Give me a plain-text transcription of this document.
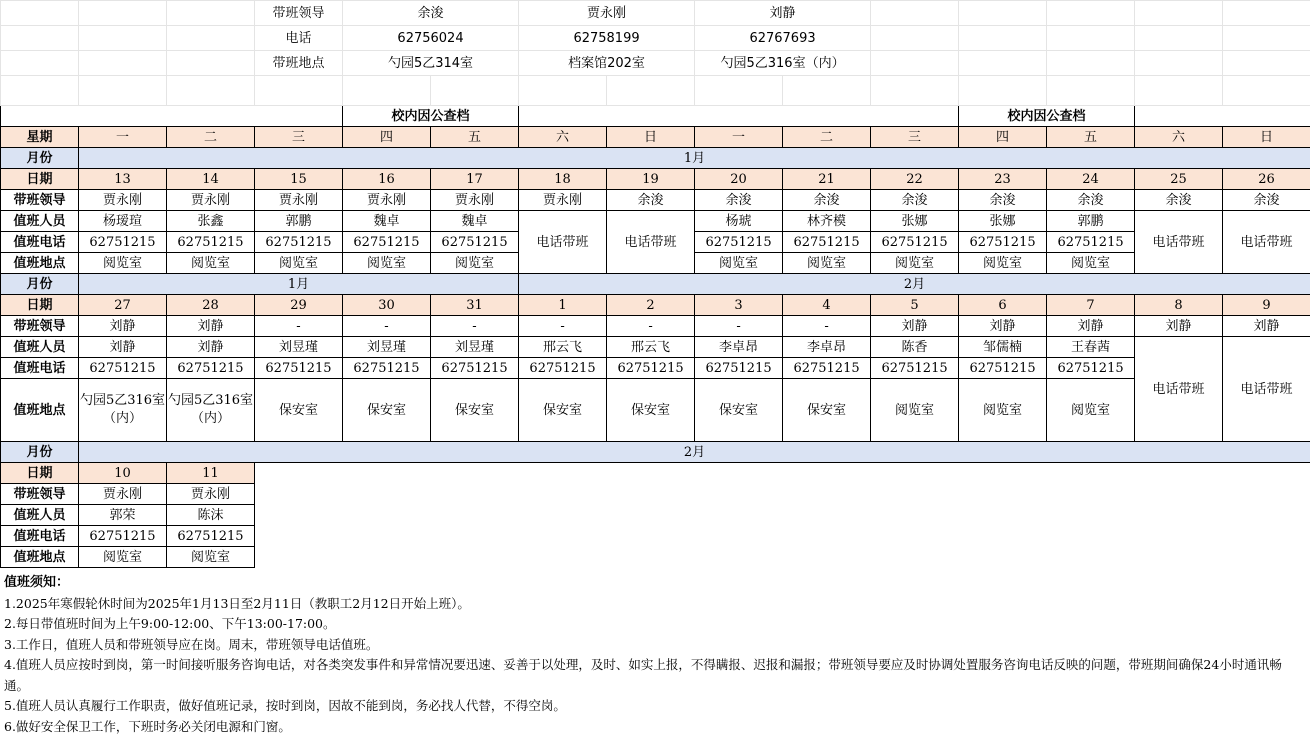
			带班领导	余浚		贾永刚		刘静						
			电话	62756024		62758199		62767693						
			带班地点	勺园5乙314室		档案馆202室		勺园5乙316室（内）						

				校内因公查档							校内因公查档			
星期	一	二	三	四	五	六	日	一	二	三	四	五	六	日
月份	1月													
日期	13	14	15	16	17	18	19	20	21	22	23	24	25	26
带班领导	贾永刚	贾永刚	贾永刚	贾永刚	贾永刚	贾永刚	余浚	余浚	余浚	余浚	余浚	余浚	余浚	余浚
值班人员	杨瑷瑄	张鑫	郭鹏	魏卓	魏卓	电话带班	电话带班	杨琥	林齐模	张娜	张娜	郭鹏	电话带班	电话带班
值班电话	62751215	62751215	62751215	62751215	62751215			62751215	62751215	62751215	62751215	62751215		
值班地点	阅览室	阅览室	阅览室	阅览室	阅览室			阅览室	阅览室	阅览室	阅览室	阅览室		
月份	1月					2月								
日期	27	28	29	30	31	1	2	3	4	5	6	7	8	9
带班领导	刘静	刘静	-	-	-	-	-	-	-	刘静	刘静	刘静	刘静	刘静
值班人员	刘静	刘静	刘昱瑾	刘昱瑾	刘昱瑾	邢云飞	邢云飞	李卓昂	李卓昂	陈香	邹儒楠	王春茜	电话带班	电话带班
值班电话	62751215	62751215	62751215	62751215	62751215	62751215	62751215	62751215	62751215	62751215	62751215	62751215		
值班地点	勺园5乙316室（内）	勺园5乙316室（内）	保安室	保安室	保安室	保安室	保安室	保安室	保安室	阅览室	阅览室	阅览室		
月份	2月													
日期	10	11												
带班领导	贾永刚	贾永刚												
值班人员	郭荣	陈沫												
值班电话	62751215	62751215												
值班地点	阅览室	阅览室												
值班须知：
1.2025年寒假轮休时间为2025年1月13日至2月11日（教职工2月12日开始上班）。
2.每日带值班时间为上午9:00-12:00、下午13:00-17:00。
3.工作日，值班人员和带班领导应在岗。周末，带班领导电话值班。
4.值班人员应按时到岗，第一时间接听服务咨询电话，对各类突发事件和异常情况要迅速、妥善于以处理，及时、如实上报，不得瞒报、迟报和漏报；带班领导要应及时协调处置服务咨询电话反映的问题，带班期间确保24小时通讯畅通。
5.值班人员认真履行工作职责，做好值班记录，按时到岗，因故不能到岗，务必找人代替，不得空岗。
6.做好安全保卫工作，下班时务必关闭电源和门窗。
